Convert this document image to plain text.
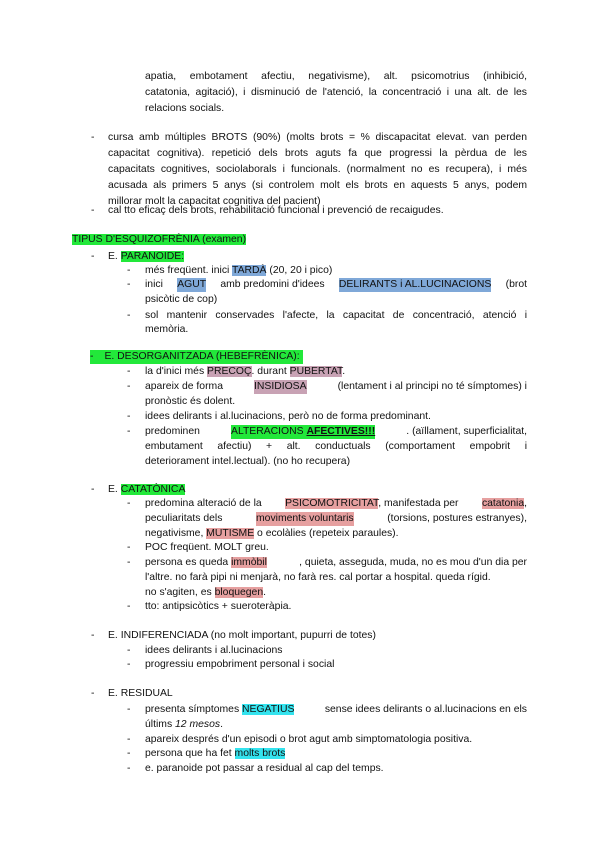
apatia, embotament afectiu, negativisme), alt. psicomotrius (inhibició,
catatonia, agitació), i disminució de l'atenció, la concentració i una alt. de les
relacions socials.
- cursa amb múltiples BROTS (90%) (molts brots = % discapacitat elevat. van perden
capacitat cognitiva). repetició dels brots aguts fa que progressi la pèrdua de les
capacitats cognitives, sociolaborals i funcionals. (normalment no es recupera), i més
acusada als primers 5 anys (si controlem molt els brots en aquests 5 anys, podem
millorar molt la capacitat cognitiva del pacient)
- cal tto eficaç dels brots, rehabilitació funcional i prevenció de recaigudes.
TIPUS D'ESQUIZOFRÈNIA (examen)
- E. PARANOIDE:
- més freqüent. inici TARDÀ (20, 20 i pico)
- inici AGUT amb predomini d'idees DELIRANTS i AL.LUCINACIONS (brot
psicòtic de cop)
- sol mantenir conservades l'afecte, la capacitat de concentració, atenció i
memòria.
- E. DESORGANITZADA (HEBEFRÈNICA):
- la d'inici més PRECOÇ. durant PUBERTAT.
- apareix de forma	INSIDIOSA	(lentament i al principi no té símptomes) i
pronòstic és dolent.
- idees delirants i al.lucinacions, però no de forma predominant.
- predominen	ALTERACIONS AFECTIVES!!!	. (aïllament, superficialitat,
embutament afectiu) + alt. conductuals (comportament empobrit i
deteriorament intel.lectual). (no ho recupera)
- E. CATATÒNICA
- predomina alteració de la PSICOMOTRICITAT, manifestada per catatonia,
peculiaritats dels	moviments voluntaris	(torsions, postures estranyes),
negativisme, MUTISME o ecolàlies (repeteix paraules).
- POC freqüent. MOLT greu.
- persona es queda immòbil	, quieta, asseguda, muda, no es mou d'un dia per
l'altre. no farà pipi ni menjarà, no farà res. cal portar a hospital. queda rígid.
no s'agiten, es bloquegen.
- tto: antipsicòtics + sueroteràpia.
- E. INDIFERENCIADA (no molt important, pupurri de totes)
- idees delirants i al.lucinacions
- progressiu empobriment personal i social
- E. RESIDUAL
- presenta símptomes NEGATIUS	sense idees delirants o al.lucinacions en els
últims 12 mesos.
- apareix després d'un episodi o brot agut amb simptomatologia positiva.
- persona que ha fet molts brots
- e. paranoide pot passar a residual al cap del temps.
